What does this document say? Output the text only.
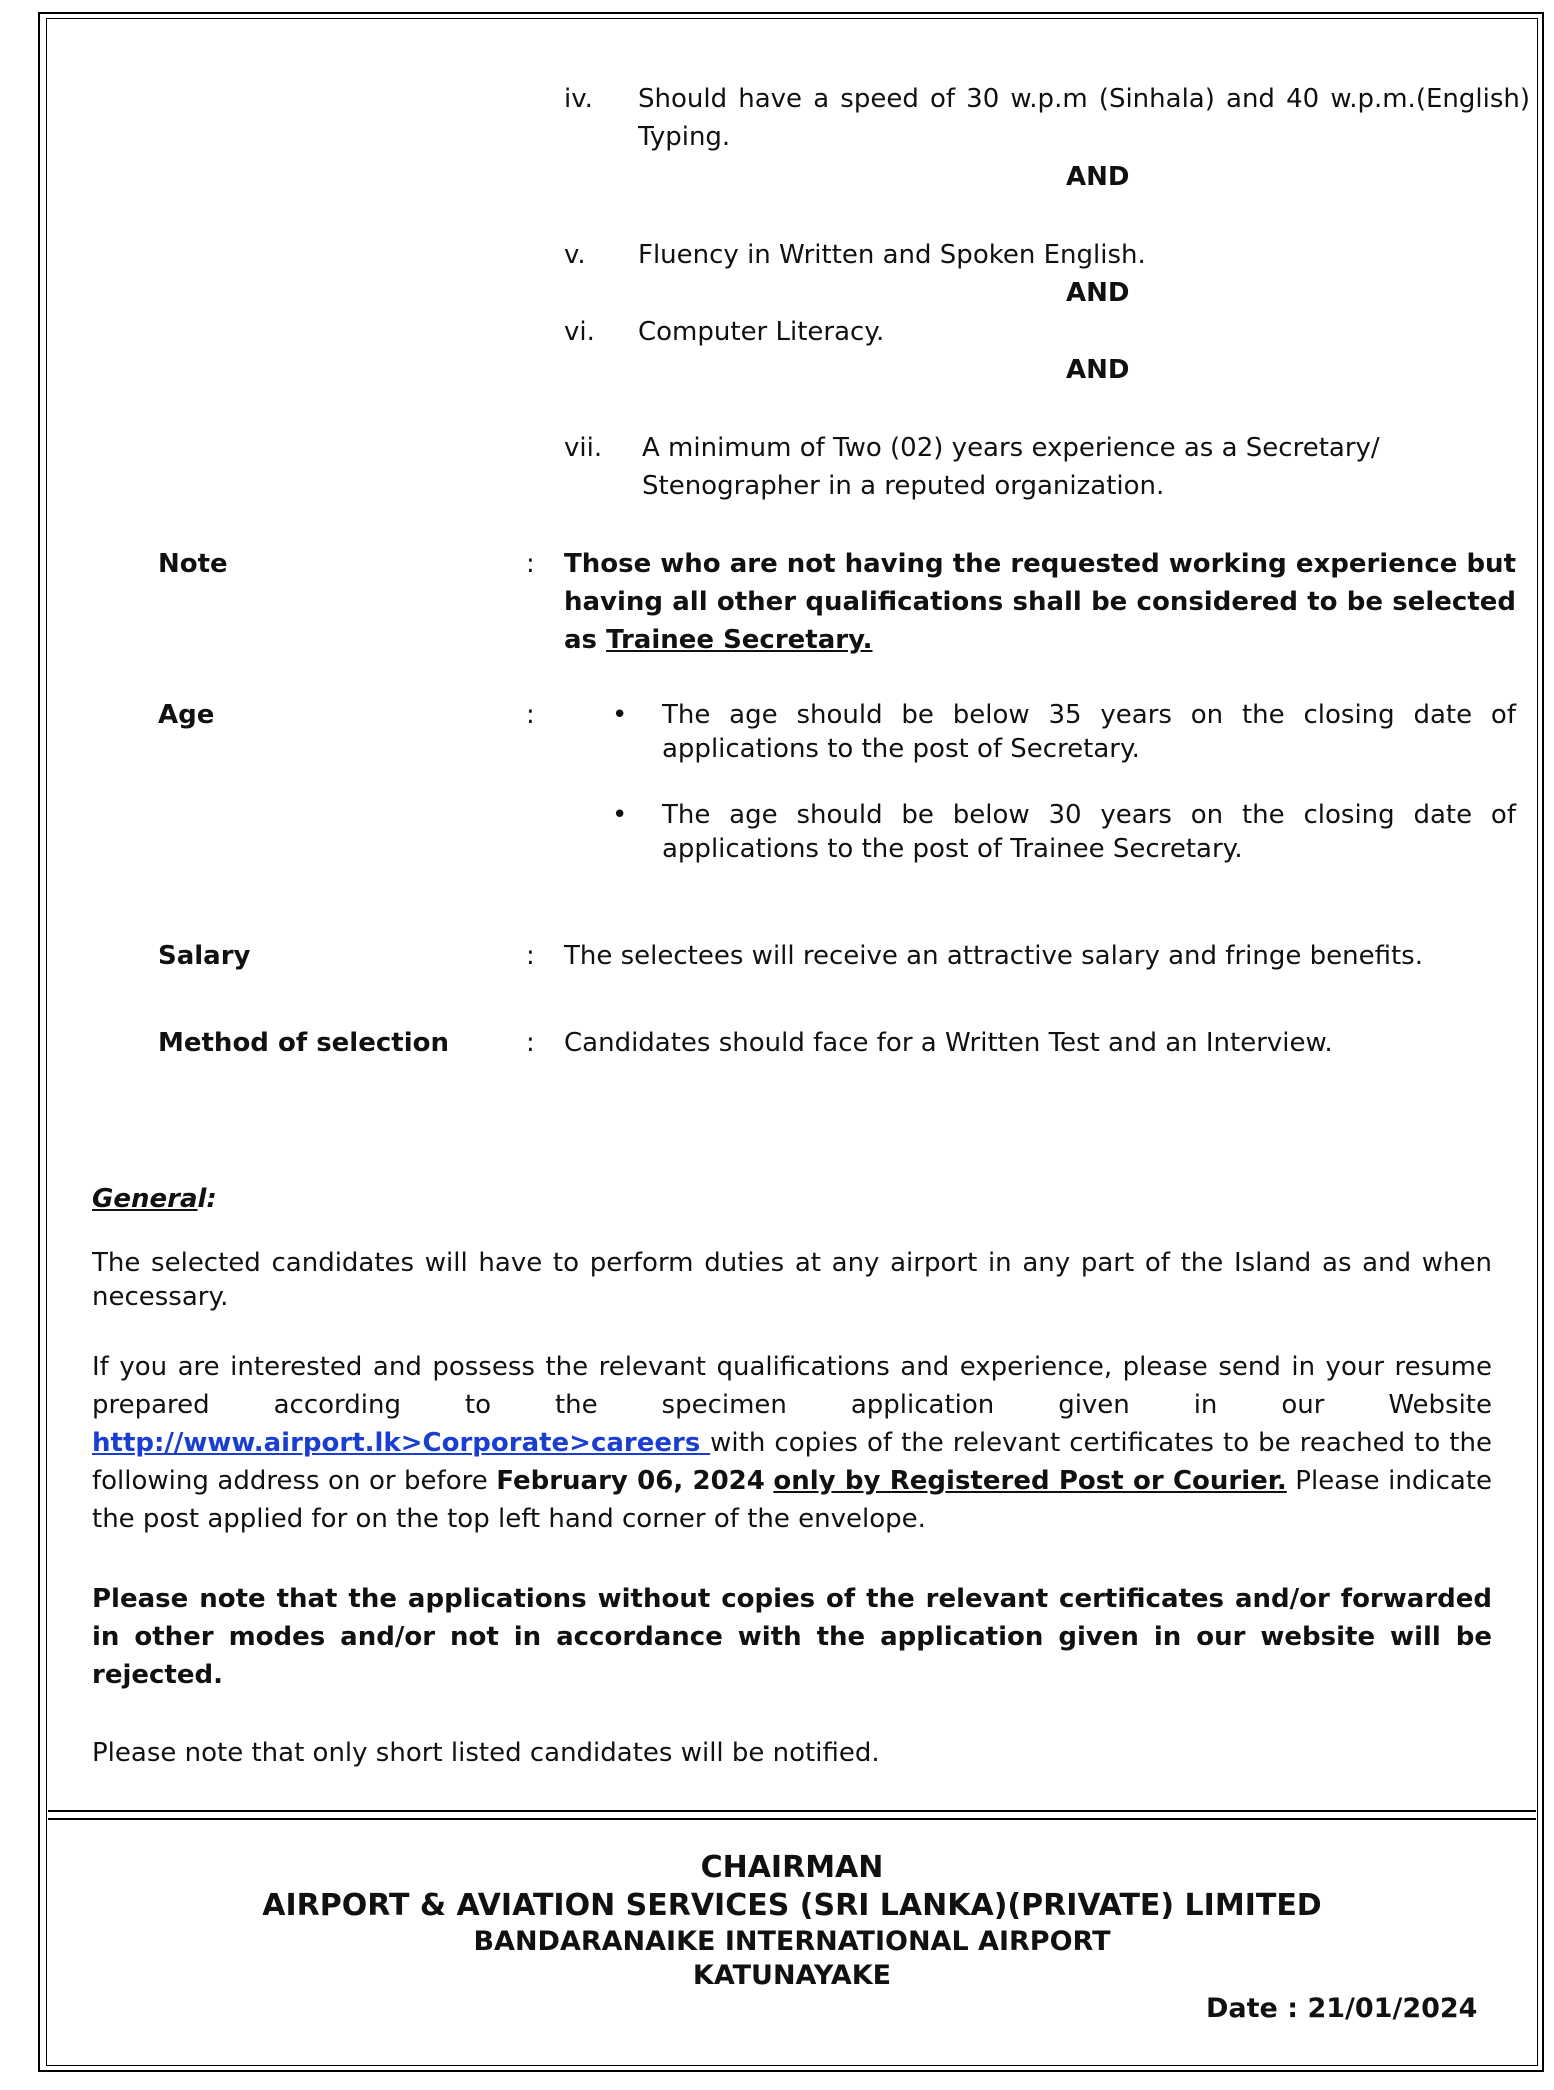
iv. Should have a speed of 30 w.p.m (Sinhala) and 40 w.p.m.(English) Typing.
AND
v. Fluency in Written and Spoken English.
AND
vi. Computer Literacy.
AND
vii. A minimum of Two (02) years experience as a Secretary/ Stenographer in a reputed organization.
Note	: Those who are not having the requested working experience but having all other qualifications shall be considered to be selected as Trainee Secretary.
Age	:	• The age should be below 35 years on the closing date of applications to the post of Secretary.
• The age should be below 30 years on the closing date of applications to the post of Trainee Secretary.
Salary	: The selectees will receive an attractive salary and fringe benefits.
Method of selection	: Candidates should face for a Written Test and an Interview.
General:
The selected candidates will have to perform duties at any airport in any part of the Island as and when necessary.
If you are interested and possess the relevant qualifications and experience, please send in your resume prepared according to the specimen application given in our Website http://www.airport.lk>Corporate>careers with copies of the relevant certificates to be reached to the following address on or before February 06, 2024 only by Registered Post or Courier. Please indicate the post applied for on the top left hand corner of the envelope.
Please note that the applications without copies of the relevant certificates and/or forwarded in other modes and/or not in accordance with the application given in our website will be rejected.
Please note that only short listed candidates will be notified.
CHAIRMAN
AIRPORT & AVIATION SERVICES (SRI LANKA)(PRIVATE) LIMITED
BANDARANAIKE INTERNATIONAL AIRPORT
KATUNAYAKE
Date : 21/01/2024
